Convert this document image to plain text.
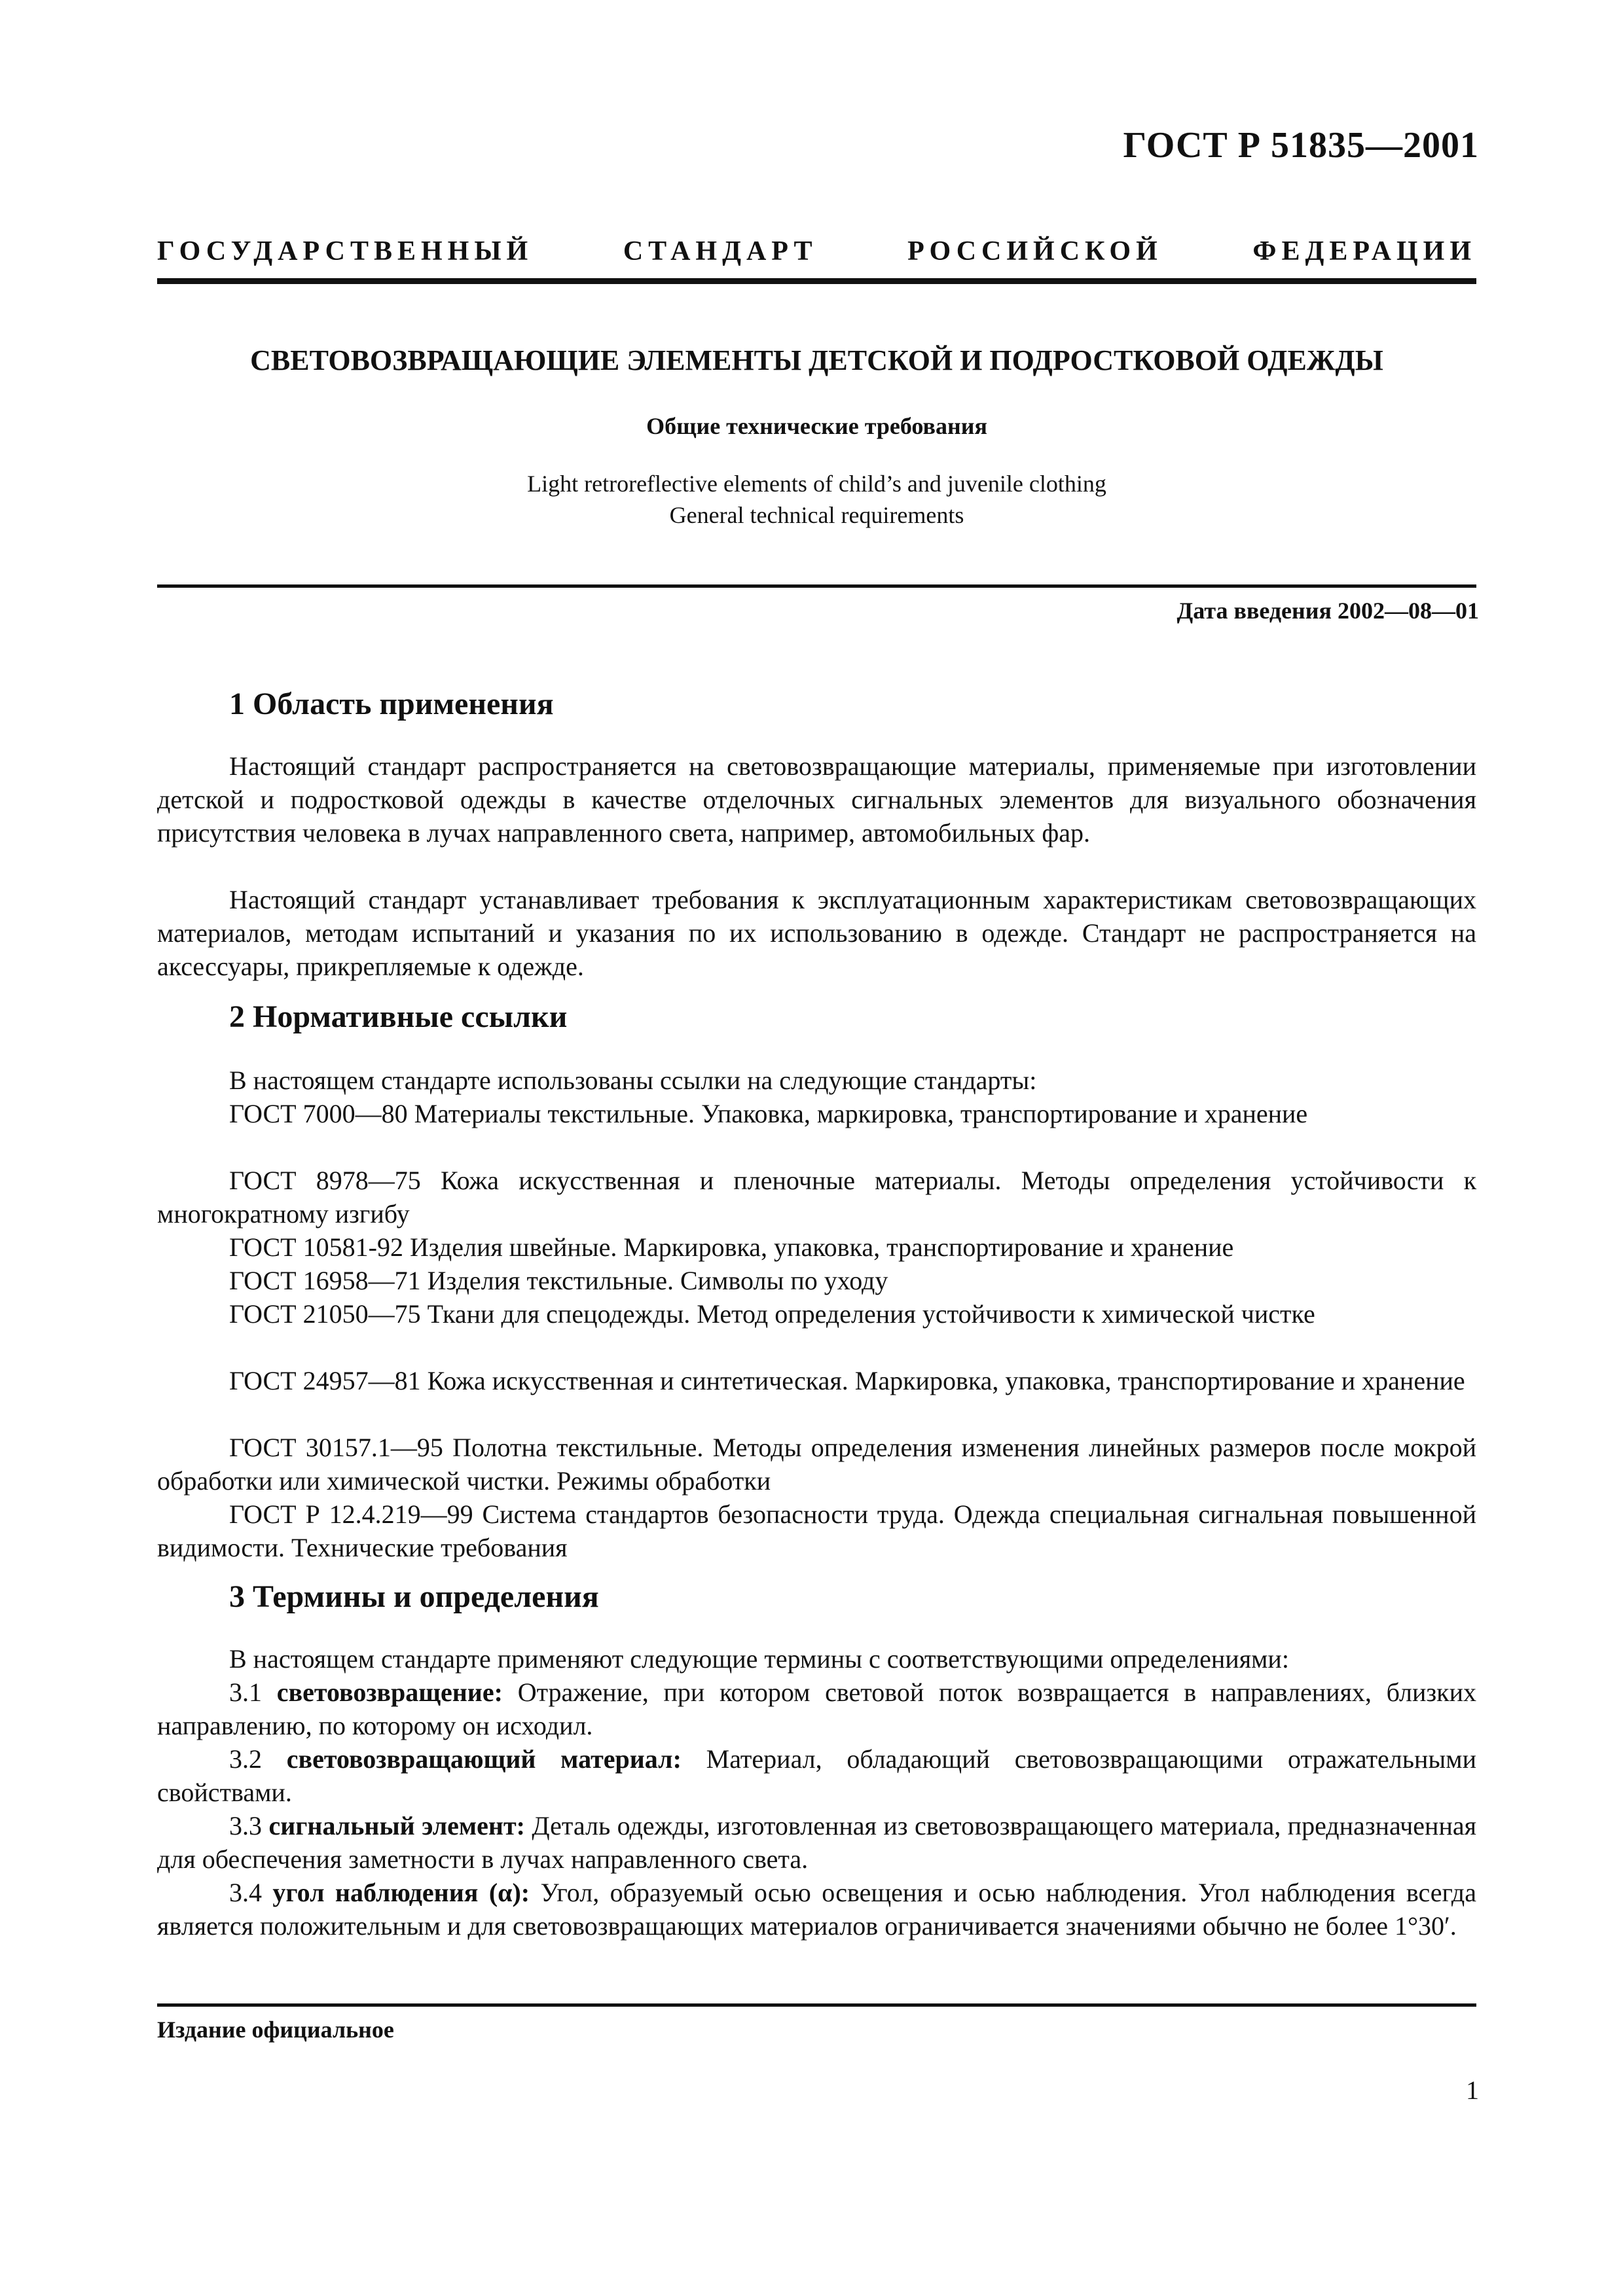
ГОСТ Р 51835—2001
ГОСУДАРСТВЕННЫЙ СТАНДАРТ РОССИЙСКОЙ ФЕДЕРАЦИИ
СВЕТОВОЗВРАЩАЮЩИЕ ЭЛЕМЕНТЫ ДЕТСКОЙ И ПОДРОСТКОВОЙ ОДЕЖДЫ
Общие технические требования
Light retroreflective elements of child’s and juvenile clothing
General technical requirements
Дата введения 2002—08—01
1 Область применения

Настоящий стандарт распространяется на световозвращающие материалы, применяемые при изготовлении детской и подростковой одежды в качестве отделочных сигнальных элементов для визуального обозначения присутствия человека в лучах направленного света, например, автомобильных фар.

Настоящий стандарт устанавливает требования к эксплуатационным характеристикам световозвращающих материалов, методам испытаний и указания по их использованию в одежде. Стандарт не распространяется на аксессуары, прикрепляемые к одежде.

2 Нормативные ссылки

В настоящем стандарте использованы ссылки на следующие стандарты:

ГОСТ 7000—80 Материалы текстильные. Упаковка, маркировка, транспортирование и хранение

ГОСТ 8978—75 Кожа искусственная и пленочные материалы. Методы определения устойчивости к многократному изгибу

ГОСТ 10581-92 Изделия швейные. Маркировка, упаковка, транспортирование и хранение

ГОСТ 16958—71 Изделия текстильные. Символы по уходу

ГОСТ 21050—75 Ткани для спецодежды. Метод определения устойчивости к химической чистке

ГОСТ 24957—81 Кожа искусственная и синтетическая. Маркировка, упаковка, транспортирование и хранение

ГОСТ 30157.1—95 Полотна текстильные. Методы определения изменения линейных размеров после мокрой обработки или химической чистки. Режимы обработки

ГОСТ Р 12.4.219—99 Система стандартов безопасности труда. Одежда специальная сигнальная повышенной видимости. Технические требования

3 Термины и определения

В настоящем стандарте применяют следующие термины с соответствующими определениями:

3.1 световозвращение: Отражение, при котором световой поток возвращается в направлениях, близких направлению, по которому он исходил.

3.2 световозвращающий материал: Материал, обладающий световозвращающими отражательными свойствами.

3.3 сигнальный элемент: Деталь одежды, изготовленная из световозвращающего материала, предназначенная для обеспечения заметности в лучах направленного света.

3.4 угол наблюдения (α): Угол, образуемый осью освещения и осью наблюдения. Угол наблюдения всегда является положительным и для световозвращающих материалов ограничивается значениями обычно не более 1°30′.

Издание официальное
1
